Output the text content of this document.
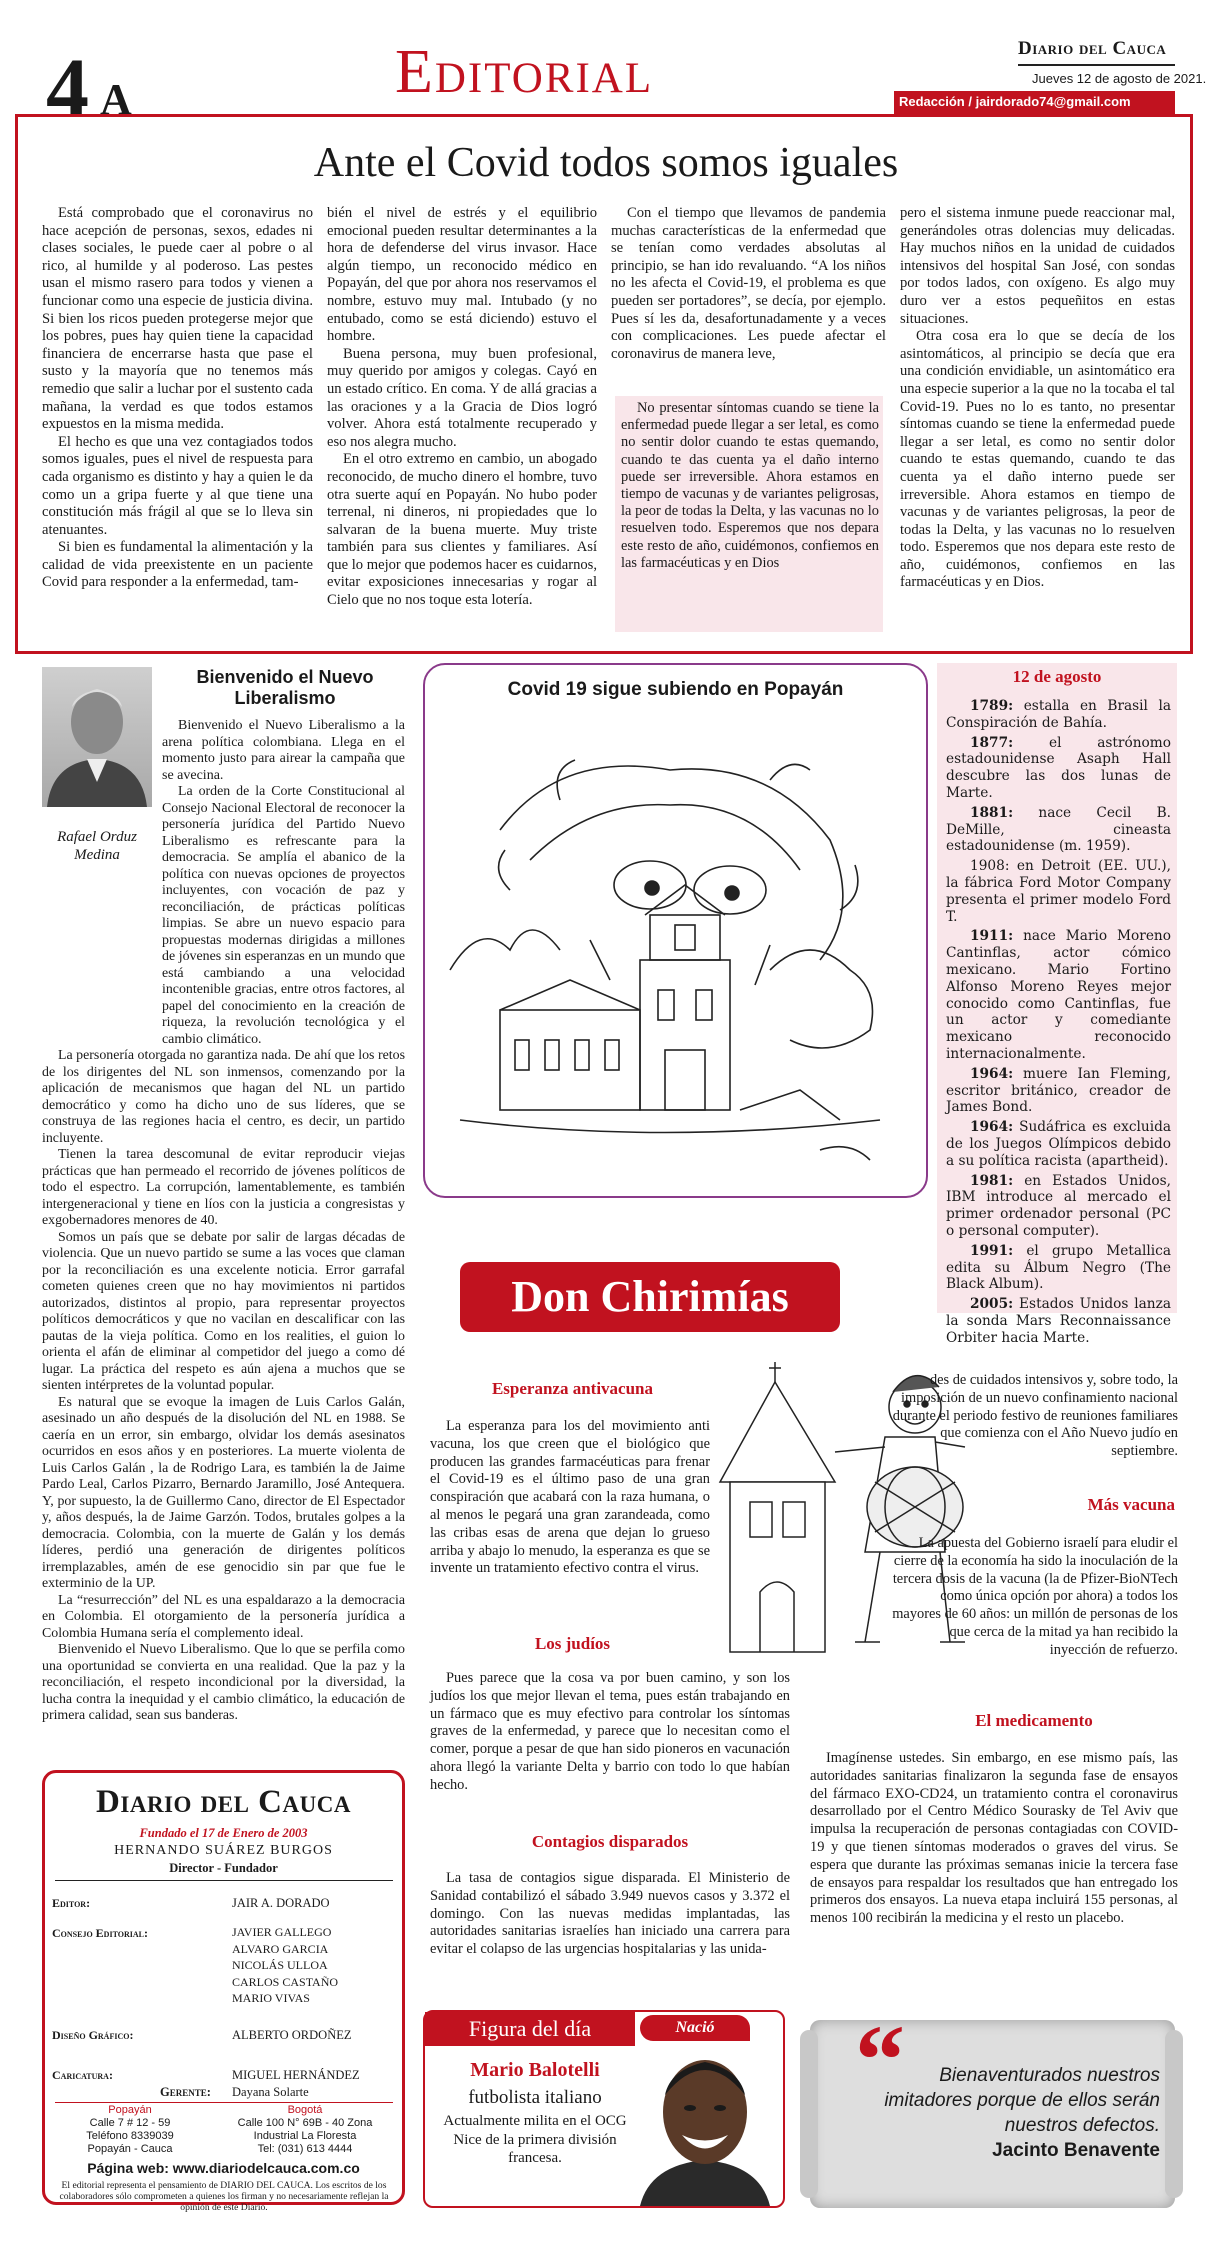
4 A	Editorial	Diario del Cauca
Jueves 12 de agosto de 2021.
Redacción / jairdorado74@gmail.com
Ante el Covid todos somos iguales

Está comprobado que el coronavirus no hace acepción de personas, sexos, edades ni clases sociales, le puede caer al pobre o al rico, al humilde y al poderoso. Las pestes usan el mismo rasero para todos y vienen a funcionar como una especie de justicia divina. Si bien los ricos pueden protegerse mejor que los pobres, pues hay quien tiene la capacidad financiera de encerrarse hasta que pase el susto y la mayoría que no tenemos más remedio que salir a luchar por el sustento cada mañana, la verdad es que todos estamos expuestos en la misma medida.

El hecho es que una vez contagiados todos somos iguales, pues el nivel de respuesta para cada organismo es distinto y hay a quien le da como un a gripa fuerte y al que tiene una constitución más frágil al que se lo lleva sin atenuantes.

Si bien es fundamental la alimentación y la calidad de vida preexistente en un paciente Covid para responder a la enfermedad, tam-

bién el nivel de estrés y el equilibrio emocional pueden resultar determinantes a la hora de defenderse del virus invasor. Hace algún tiempo, un reconocido médico en Popayán, del que por ahora nos reservamos el nombre, estuvo muy mal. Intubado (y no entubado, como se está diciendo) estuvo el hombre.

Buena persona, muy buen profesional, muy querido por amigos y colegas. Cayó en un estado crítico. En coma. Y de allá gracias a las oraciones y a la Gracia de Dios logró volver. Ahora está totalmente recuperado y eso nos alegra mucho.

En el otro extremo en cambio, un abogado reconocido, de mucho dinero el hombre, tuvo otra suerte aquí en Popayán. No hubo poder terrenal, ni dineros, ni propiedades que lo salvaran de la buena muerte. Muy triste también para sus clientes y familiares. Así que lo mejor que podemos hacer es cuidarnos, evitar exposiciones innecesarias y rogar al Cielo que no nos toque esta lotería.

Con el tiempo que llevamos de pandemia muchas características de la enfermedad que se tenían como verdades absolutas al principio, se han ido revaluando. “A los niños no les afecta el Covid-19, el problema es que pueden ser portadores”, se decía, por ejemplo. Pues sí les da, desafortunadamente y a veces con complicaciones. Les puede afectar el coronavirus de manera leve,

No presentar síntomas cuando se tiene la enfermedad puede llegar a ser letal, es como no sentir dolor cuando te estas quemando, cuando te das cuenta ya el daño interno puede ser irreversible. Ahora estamos en tiempo de vacunas y de variantes peligrosas, la peor de todas la Delta, y las vacunas no lo resuelven todo. Esperemos que nos depara este resto de año, cuidémonos, confiemos en las farmacéuticas y en Dios

pero el sistema inmune puede reaccionar mal, generándoles otras dolencias muy delicadas. Hay muchos niños en la unidad de cuidados intensivos del hospital San José, con sondas por todos lados, con oxígeno. Es algo muy duro ver a estos pequeñitos en estas situaciones.

Otra cosa era lo que se decía de los asintomáticos, al principio se decía que era una condición envidiable, un asintomático era una especie superior a la que no la tocaba el tal Covid-19. Pues no lo es tanto, no presentar síntomas cuando se tiene la enfermedad puede llegar a ser letal, es como no sentir dolor cuando te estas quemando, cuando te das cuenta ya el daño interno puede ser irreversible. Ahora estamos en tiempo de vacunas y de variantes peligrosas, la peor de todas la Delta, y las vacunas no lo resuelven todo. Esperemos que nos depara este resto de año, cuidémonos, confiemos en las farmacéuticas y en Dios.

Rafael Orduz Medina
Bienvenido el Nuevo Liberalismo

Bienvenido el Nuevo Liberalismo a la arena política colombiana. Llega en el momento justo para airear la campaña que se avecina.

La orden de la Corte Constitucional al Consejo Nacional Electoral de reconocer la personería jurídica del Partido Nuevo Liberalismo es refrescante para la democracia. Se amplía el abanico de la política con nuevas opciones de proyectos incluyentes, con vocación de paz y reconciliación, de prácticas políticas limpias. Se abre un nuevo espacio para propuestas modernas dirigidas a millones de jóvenes sin esperanzas en un mundo que está cambiando a una velocidad incontenible gracias, entre otros factores, al papel del conocimiento en la creación de riqueza, la revolución tecnológica y el cambio climático.

La personería otorgada no garantiza nada. De ahí que los retos de los dirigentes del NL son inmensos, comenzando por la aplicación de mecanismos que hagan del NL un partido democrático y como ha dicho uno de sus líderes, que se construya de las regiones hacia el centro, es decir, un partido incluyente.

Tienen la tarea descomunal de evitar reproducir viejas prácticas que han permeado el recorrido de jóvenes políticos de todo el espectro. La corrupción, lamentablemente, es también intergeneracional y tiene en líos con la justicia a congresistas y exgobernadores menores de 40.

Somos un país que se debate por salir de largas décadas de violencia. Que un nuevo partido se sume a las voces que claman por la reconciliación es una excelente noticia. Error garrafal cometen quienes creen que no hay movimientos ni partidos autorizados, distintos al propio, para representar proyectos políticos democráticos y que no vacilan en descalificar con las pautas de la vieja política. Como en los realities, el guion lo orienta el afán de eliminar al competidor del juego a como dé lugar. La práctica del respeto es aún ajena a muchos que se sienten intérpretes de la voluntad popular.

Es natural que se evoque la imagen de Luis Carlos Galán, asesinado un año después de la disolución del NL en 1988. Se caería en un error, sin embargo, olvidar los demás asesinatos ocurridos en esos años y en posteriores. La muerte violenta de Luis Carlos Galán , la de Rodrigo Lara, es también la de Jaime Pardo Leal, Carlos Pizarro, Bernardo Jaramillo, José Antequera. Y, por supuesto, la de Guillermo Cano, director de El Espectador y, años después, la de Jaime Garzón. Todos, brutales golpes a la democracia. Colombia, con la muerte de Galán y los demás líderes, perdió una generación de dirigentes políticos irremplazables, amén de ese genocidio sin par que fue le exterminio de la UP.

La “resurrección” del NL es una espaldarazo a la democracia en Colombia. El otorgamiento de la personería jurídica a Colombia Humana sería el complemento ideal.

Bienvenido el Nuevo Liberalismo. Que lo que se perfila como una oportunidad se convierta en una realidad. Que la paz y la reconciliación, el respeto incondicional por la diversidad, la lucha contra la inequidad y el cambio climático, la educación de primera calidad, sean sus banderas.

Covid 19 sigue subiendo en Popayán
12 de agosto

1789: estalla en Brasil la Conspiración de Bahía.

1877:	el astrónomo estadounidense Asaph Hall descubre las dos lunas de Marte.

1881: nace Cecil B. DeMille, cineasta estadounidense (m. 1959).

1908: en Detroit (EE. UU.), la fábrica Ford Motor Company presenta el primer modelo Ford T.

1911: nace Mario Moreno Cantinflas, actor cómico mexicano. Mario Fortino Alfonso Moreno Reyes mejor conocido como Cantinflas, fue un actor y comediante mexicano reconocido internacionalmente.

1964: muere Ian Fleming, escritor británico, creador de James Bond.

1964: Sudáfrica es excluida de los Juegos Olímpicos debido a su política racista (apartheid).

1981: en Estados Unidos, IBM introduce al mercado el primer ordenador personal (PC o personal computer).

1991: el grupo Metallica edita su Álbum Negro (The Black Album).

2005: Estados Unidos lanza la sonda Mars Reconnaissance Orbiter hacia Marte.

Don Chirimías
Esperanza antivacuna

La esperanza para los del movimiento anti vacuna, los que creen que el biológico que producen las grandes farmacéuticas para frenar el Covid-19 es el último paso de una gran conspiración que acabará con la raza humana, o al menos le pegará una gran zarandeada, como las cribas esas de arena que dejan lo grueso arriba y abajo lo menudo, la esperanza es que se invente un tratamiento efectivo contra el virus.

Los judíos

Pues parece que la cosa va por buen camino, y son los judíos los que mejor llevan el tema, pues están trabajando en un fármaco que es muy efectivo para controlar los síntomas graves de la enfermedad, y parece que lo necesitan como el comer, porque a pesar de que han sido pioneros en vacunación ahora llegó la variante Delta y barrio con todo lo que habían hecho.

Contagios disparados

La tasa de contagios sigue disparada. El Ministerio de Sanidad contabilizó el sábado 3.949 nuevos casos y 3.372 el domingo. Con las nuevas medidas implantadas, las autoridades sanitarias israelíes han iniciado una carrera para evitar el colapso de las urgencias hospitalarias y las unida-

des de cuidados intensivos y, sobre todo, la imposición de un nuevo confinamiento nacional durante el periodo festivo de reuniones familiares que comienza con el Año Nuevo judío en septiembre.

Más vacuna

La apuesta del Gobierno israelí para eludir el cierre de la economía ha sido la inoculación de la tercera dosis de la vacuna (la de Pfizer-BioNTech como única opción por ahora) a todos los mayores de 60 años: un millón de personas de los que cerca de la mitad ya han recibido la inyección de refuerzo.

El medicamento

Imagínense ustedes. Sin embargo, en ese mismo país, las autoridades sanitarias finalizaron la segunda fase de ensayos del fármaco EXO-CD24, un tratamiento contra el coronavirus desarrollado por el Centro Médico Sourasky de Tel Aviv que impulsa la recuperación de personas contagiadas con COVID-19 y que tienen síntomas moderados o graves del virus. Se espera que durante las próximas semanas inicie la tercera fase de ensayos para respaldar los resultados que han entregado los primeros dos ensayos. La nueva etapa incluirá 155 personas, al menos 100 recibirán la medicina y el resto un placebo.

Diario del Cauca
Fundado el 17 de Enero de 2003
HERNANDO SUÁREZ BURGOS
Director - Fundador
Editor:	JAIR A. DORADO
Consejo Editorial:	JAVIER GALLEGO
ALVARO GARCIA
NICOLÁS ULLOA
CARLOS CASTAÑO
MARIO VIVAS
Diseño Gráfico:	ALBERTO ORDOÑEZ
Caricatura:	MIGUEL HERNÁNDEZ
Gerente: Dayana Solarte
Popayán
Calle 7 # 12 - 59
Teléfono 8339039
Popayán - Cauca
Bogotá
Calle 100 N° 69B - 40 Zona Industrial La Floresta
Tel: (031) 613 4444
Página web: www.diariodelcauca.com.co
El editorial representa el pensamiento de DIARIO DEL CAUCA. Los escritos de los colaboradores sólo comprometen a quienes los firman y no necesariamente reflejan la opinión de este Diario.
Figura del día	Nació
Mario Balotelli
futbolista italiano
Actualmente milita en el OCG Nice de la primera división francesa.
“	Bienaventurados nuestros imitadores porque de ellos serán nuestros defectos.
Jacinto Benavente
